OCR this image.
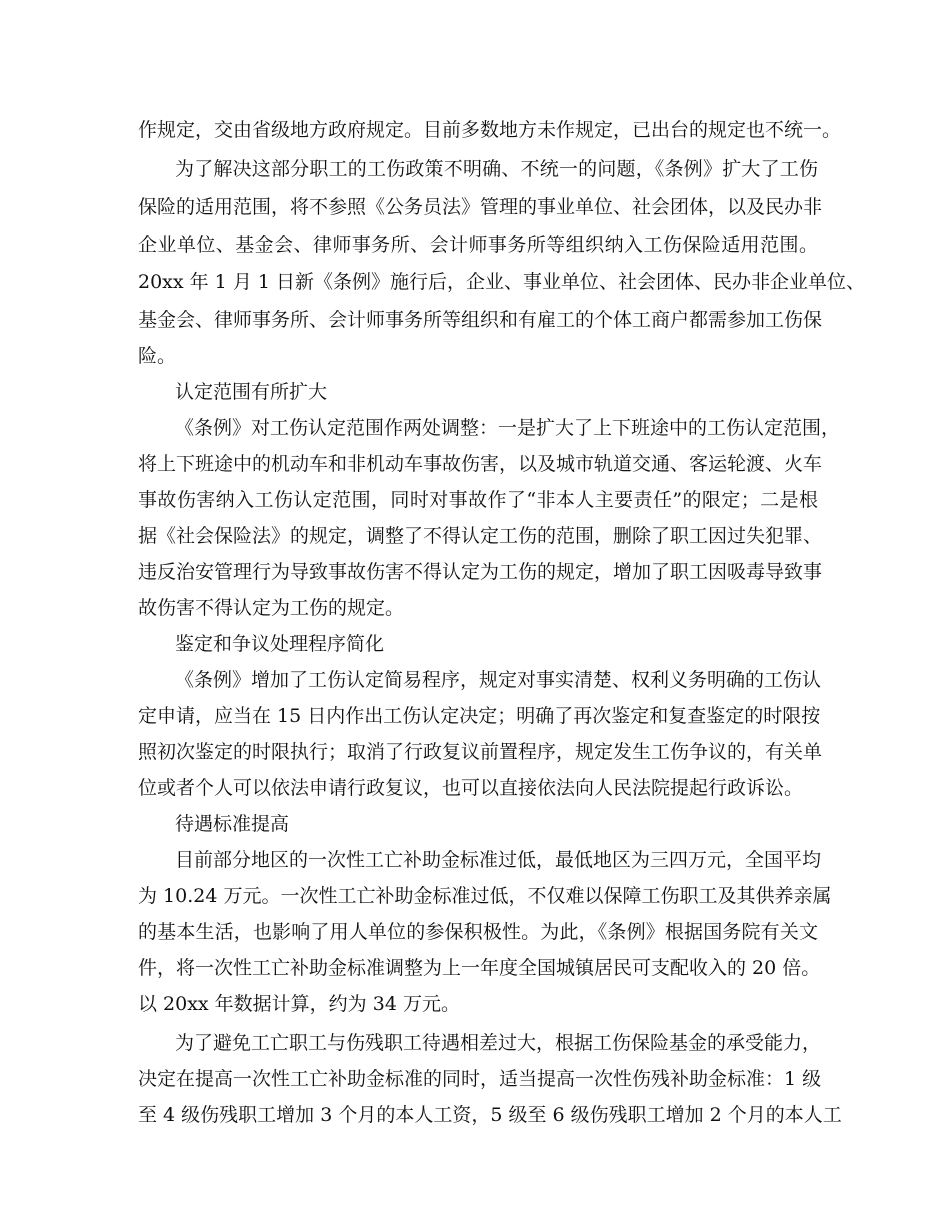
作规定，交由省级地方政府规定。目前多数地方未作规定，已出台的规定也不统一。
为了解决这部分职工的工伤政策不明确、不统一的问题，《条例》扩大了工伤
保险的适用范围，将不参照《公务员法》管理的事业单位、社会团体，以及民办非
企业单位、基金会、律师事务所、会计师事务所等组织纳入工伤保险适用范围。
20xx 年 1 月 1 日新《条例》施行后，企业、事业单位、社会团体、民办非企业单位、
基金会、律师事务所、会计师事务所等组织和有雇工的个体工商户都需参加工伤保
险。
认定范围有所扩大
《条例》对工伤认定范围作两处调整：一是扩大了上下班途中的工伤认定范围，
将上下班途中的机动车和非机动车事故伤害，以及城市轨道交通、客运轮渡、火车
事故伤害纳入工伤认定范围，同时对事故作了“非本人主要责任”的限定；二是根
据《社会保险法》的规定，调整了不得认定工伤的范围，删除了职工因过失犯罪、
违反治安管理行为导致事故伤害不得认定为工伤的规定，增加了职工因吸毒导致事
故伤害不得认定为工伤的规定。
鉴定和争议处理程序简化
《条例》增加了工伤认定简易程序，规定对事实清楚、权利义务明确的工伤认
定申请，应当在 15 日内作出工伤认定决定；明确了再次鉴定和复查鉴定的时限按
照初次鉴定的时限执行；取消了行政复议前置程序，规定发生工伤争议的，有关单
位或者个人可以依法申请行政复议，也可以直接依法向人民法院提起行政诉讼。
待遇标准提高
目前部分地区的一次性工亡补助金标准过低，最低地区为三四万元，全国平均
为 10.24 万元。一次性工亡补助金标准过低，不仅难以保障工伤职工及其供养亲属
的基本生活，也影响了用人单位的参保积极性。为此，《条例》根据国务院有关文
件，将一次性工亡补助金标准调整为上一年度全国城镇居民可支配收入的 20 倍。
以 20xx 年数据计算，约为 34 万元。
为了避免工亡职工与伤残职工待遇相差过大，根据工伤保险基金的承受能力，
决定在提高一次性工亡补助金标准的同时，适当提高一次性伤残补助金标准：1 级
至 4 级伤残职工增加 3 个月的本人工资，5 级至 6 级伤残职工增加 2 个月的本人工
